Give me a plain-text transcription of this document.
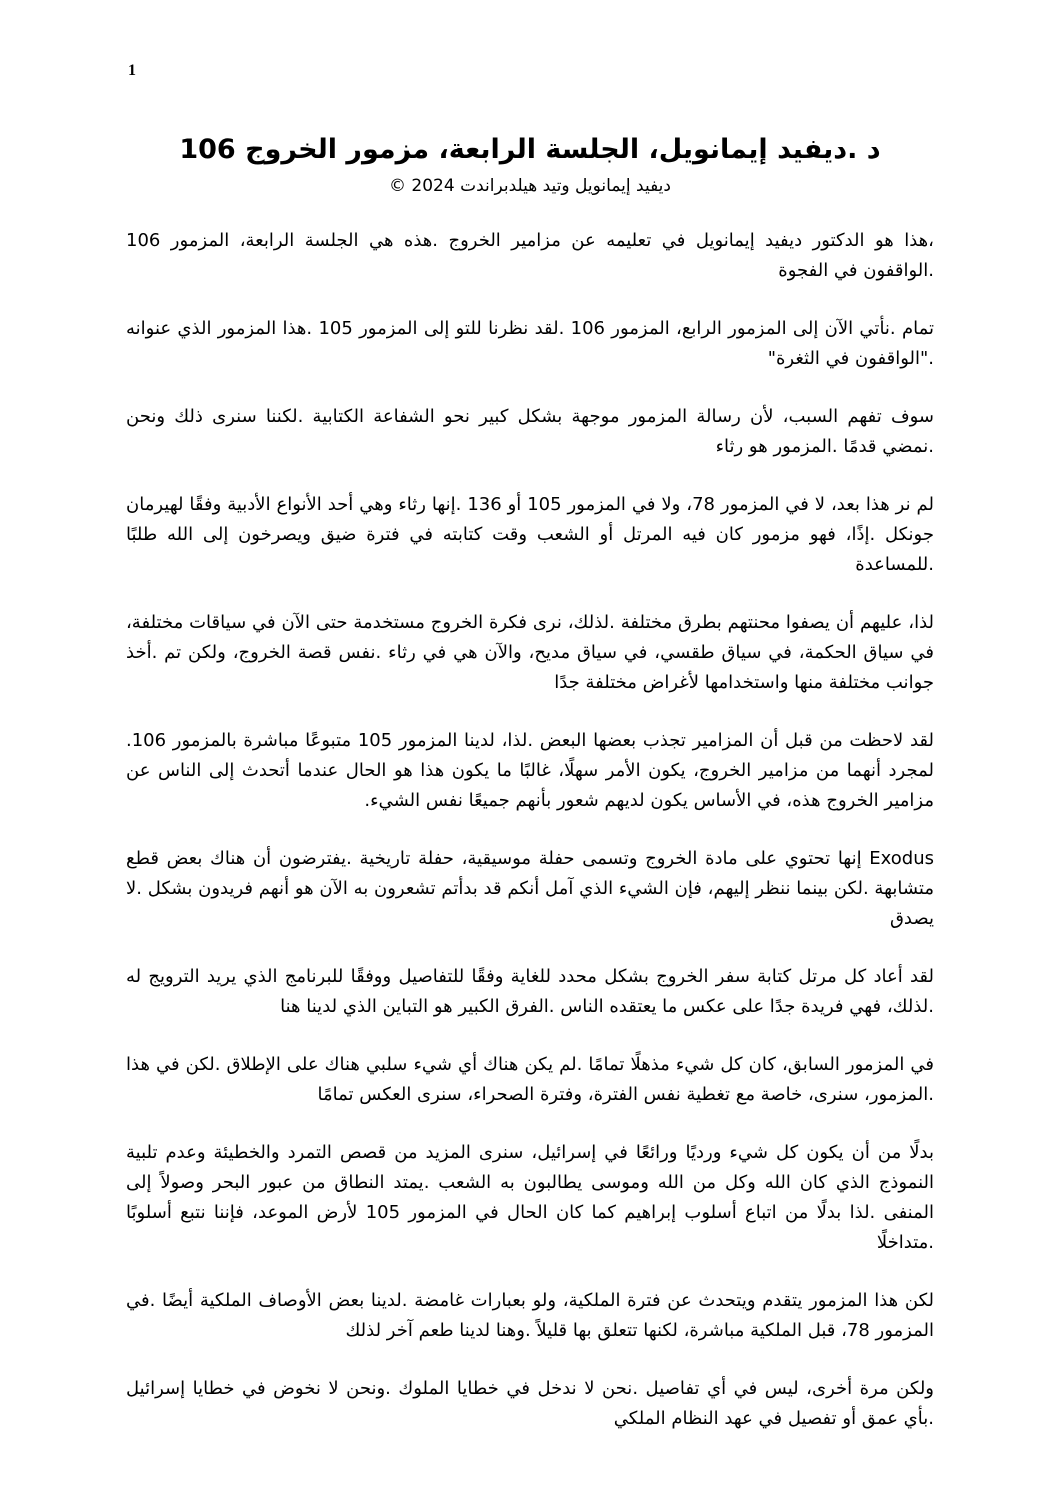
1
د .ديفيد إيمانويل، الجلسة الرابعة، مزمور الخروج 106

ديفيد إيمانويل وتيد هيلدبراندت 2024 ©

،هذا هو الدكتور ديفيد إيمانويل في تعليمه عن مزامير الخروج .هذه هي الجلسة الرابعة، المزمور 106 .الواقفون في الفجوة

تمام .نأتي الآن إلى المزمور الرابع، المزمور 106 .لقد نظرنا للتو إلى المزمور 105 .هذا المزمور الذي عنوانه ."الواقفون في الثغرة"

سوف تفهم السبب، لأن رسالة المزمور موجهة بشكل كبير نحو الشفاعة الكتابية .لكننا سنرى ذلك ونحن .نمضي قدمًا .المزمور هو رثاء

لم نر هذا بعد، لا في المزمور 78، ولا في المزمور 105 أو 136 .إنها رثاء وهي أحد الأنواع الأدبية وفقًا لهيرمان جونكل .إذًا، فهو مزمور كان فيه المرتل أو الشعب وقت كتابته في فترة ضيق ويصرخون إلى الله طلبًا .للمساعدة

لذا، عليهم أن يصفوا محنتهم بطرق مختلفة .لذلك، نرى فكرة الخروج مستخدمة حتى الآن في سياقات مختلفة، في سياق الحكمة، في سياق طقسي، في سياق مديح، والآن هي في رثاء .نفس قصة الخروج، ولكن تم .أخذ جوانب مختلفة منها واستخدامها لأغراض مختلفة جدًا

لقد لاحظت من قبل أن المزامير تجذب بعضها البعض .لذا، لدينا المزمور 105 متبوعًا مباشرة بالمزمور 106. لمجرد أنهما من مزامير الخروج، يكون الأمر سهلًا، غالبًا ما يكون هذا هو الحال عندما أتحدث إلى الناس عن مزامير الخروج هذه، في الأساس يكون لديهم شعور بأنهم جميعًا نفس الشيء.

Exodus إنها تحتوي على مادة الخروج وتسمى حفلة موسيقية، حفلة تاريخية .يفترضون أن هناك بعض قطع متشابهة .لكن بينما ننظر إليهم، فإن الشيء الذي آمل أنكم قد بدأتم تشعرون به الآن هو أنهم فريدون بشكل .لا يصدق

لقد أعاد كل مرتل كتابة سفر الخروج بشكل محدد للغاية وفقًا للتفاصيل ووفقًا للبرنامج الذي يريد الترويج له .لذلك، فهي فريدة جدًا على عكس ما يعتقده الناس .الفرق الكبير هو التباين الذي لدينا هنا

في المزمور السابق، كان كل شيء مذهلًا تمامًا .لم يكن هناك أي شيء سلبي هناك على الإطلاق .لكن في هذا .المزمور، سنرى، خاصة مع تغطية نفس الفترة، وفترة الصحراء، سنرى العكس تمامًا

بدلًا من أن يكون كل شيء ورديًا ورائعًا في إسرائيل، سنرى المزيد من قصص التمرد والخطيئة وعدم تلبية النموذج الذي كان الله وكل من الله وموسى يطالبون به الشعب .يمتد النطاق من عبور البحر وصولاً إلى المنفى .لذا بدلًا من اتباع أسلوب إبراهيم كما كان الحال في المزمور 105 لأرض الموعد، فإننا نتبع أسلوبًا .متداخلًا

لكن هذا المزمور يتقدم ويتحدث عن فترة الملكية، ولو بعبارات غامضة .لدينا بعض الأوصاف الملكية أيضًا .في المزمور 78، قبل الملكية مباشرة، لكنها تتعلق بها قليلاً .وهنا لدينا طعم آخر لذلك

ولكن مرة أخرى، ليس في أي تفاصيل .نحن لا ندخل في خطايا الملوك .ونحن لا نخوض في خطايا إسرائيل .بأي عمق أو تفصيل في عهد النظام الملكي
